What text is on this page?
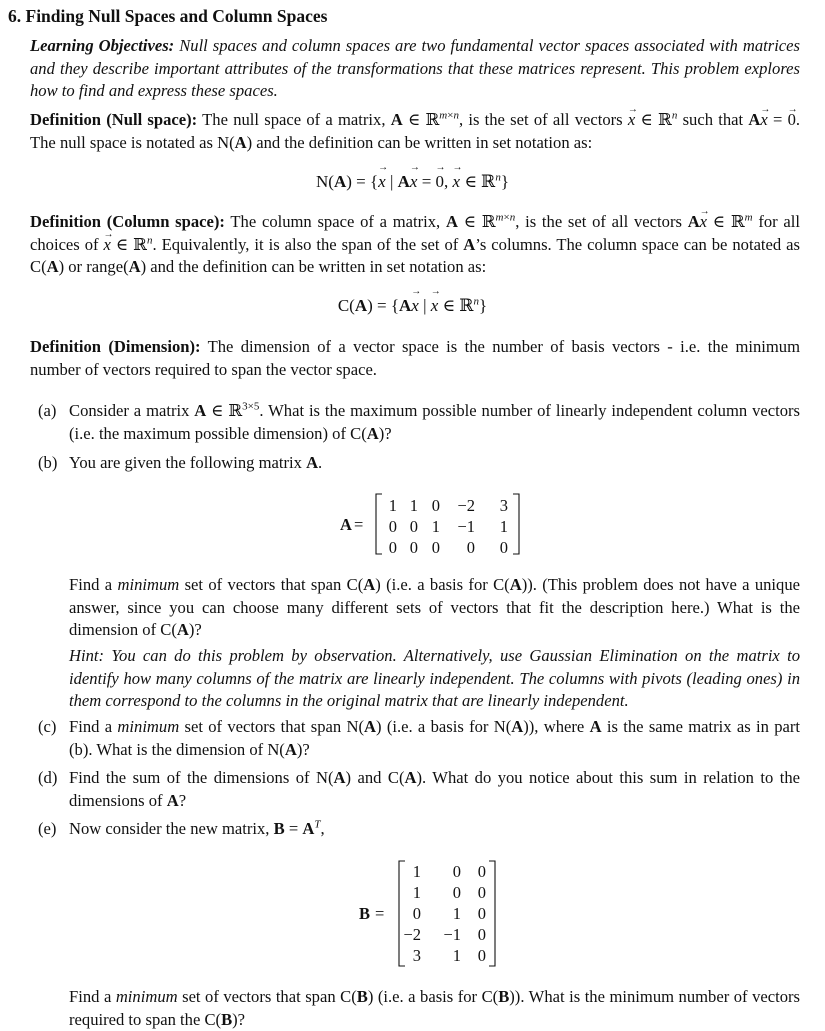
6. Finding Null Spaces and Column Spaces
Learning Objectives: Null spaces and column spaces are two fundamental vector spaces associated with matrices and they describe important attributes of the transformations that these matrices represent. This problem explores how to find and express these spaces.
Definition (Null space): The null space of a matrix, A ∈ ℝ$^{m\times n}$, is the set of all vectors x → ∈ ℝ$^n$ such that Ax → = 0 →. The null space is notated as N(A) and the definition can be written in set notation as:
N(A) = {x → | Ax → = 0 →, x → ∈ ℝ$^n$}
Definition (Column space): The column space of a matrix, A ∈ ℝ$^{m\times n}$, is the set of all vectors Ax → ∈ ℝ$^m$ for all choices of x → ∈ ℝ$^n$. Equivalently, it is also the span of the set of A’s columns. The column space can be notated as C(A) or range(A) and the definition can be written in set notation as:
C(A) = {Ax → | x → ∈ ℝ$^n$}
Definition (Dimension): The dimension of a vector space is the number of basis vectors - i.e. the minimum number of vectors required to span the vector space.
(a) Consider a matrix A ∈ ℝ$^{3\times 5}$. What is the maximum possible number of linearly independent column vectors (i.e. the maximum possible dimension) of C(A)?
(b) You are given the following matrix A.
A =
1 1 0 −2 3
0 0 1 −1 1
0 0 0 0 0
Find a minimum set of vectors that span C(A) (i.e. a basis for C(A)). (This problem does not have a unique answer, since you can choose many different sets of vectors that fit the description here.) What is the dimension of C(A)?
Hint: You can do this problem by observation. Alternatively, use Gaussian Elimination on the matrix to identify how many columns of the matrix are linearly independent. The columns with pivots (leading ones) in them correspond to the columns in the original matrix that are linearly independent.
(c) Find a minimum set of vectors that span N(A) (i.e. a basis for N(A)), where A is the same matrix as in part (b). What is the dimension of N(A)?
(d) Find the sum of the dimensions of N(A) and C(A). What do you notice about this sum in relation to the dimensions of A?
(e) Now consider the new matrix, $B = A^T$,
B =
1 0 0
1 0 0
0 1 0
−2 −1 0
3 1 0
Find a minimum set of vectors that span C(B) (i.e. a basis for C(B)). What is the minimum number of vectors required to span the C(B)?
